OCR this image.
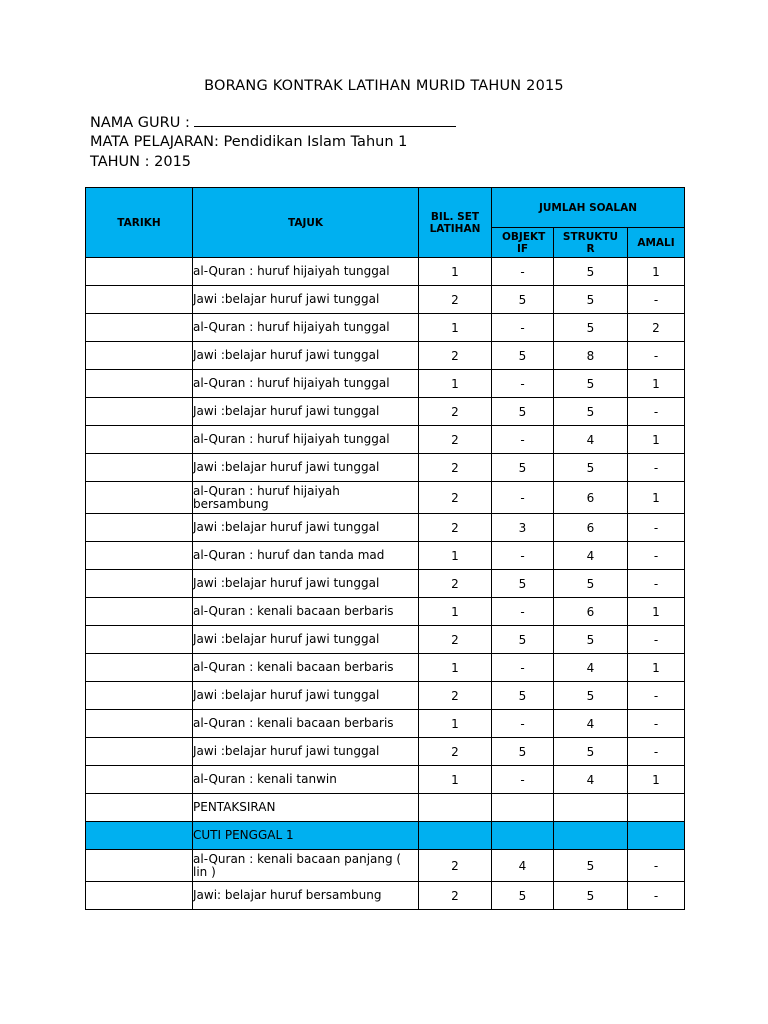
BORANG KONTRAK LATIHAN MURID TAHUN 2015
NAMA GURU :
MATA PELAJARAN: Pendidikan Islam Tahun 1
TAHUN : 2015
TARIKH	TAJUK	BIL. SET LATIHAN	JUMLAH SOALAN		
			OBJEKT IF	STRUKTU R	AMALI
	al-Quran : huruf hijaiyah tunggal	1	-	5	1
	Jawi :belajar huruf jawi tunggal	2	5	5	-
	al-Quran : huruf hijaiyah tunggal	1	-	5	2
	Jawi :belajar huruf jawi tunggal	2	5	8	-
	al-Quran : huruf hijaiyah tunggal	1	-	5	1
	Jawi :belajar huruf jawi tunggal	2	5	5	-
	al-Quran : huruf hijaiyah tunggal	2	-	4	1
	Jawi :belajar huruf jawi tunggal	2	5	5	-
	al-Quran : huruf hijaiyah bersambung	2	-	6	1
	Jawi :belajar huruf jawi tunggal	2	3	6	-
	al-Quran : huruf dan tanda mad	1	-	4	-
	Jawi :belajar huruf jawi tunggal	2	5	5	-
	al-Quran : kenali bacaan berbaris	1	-	6	1
	Jawi :belajar huruf jawi tunggal	2	5	5	-
	al-Quran : kenali bacaan berbaris	1	-	4	1
	Jawi :belajar huruf jawi tunggal	2	5	5	-
	al-Quran : kenali bacaan berbaris	1	-	4	-
	Jawi :belajar huruf jawi tunggal	2	5	5	-
	al-Quran : kenali tanwin	1	-	4	1
	PENTAKSIRAN				
	CUTI PENGGAL 1				
	al-Quran : kenali bacaan panjang ( lin )	2	4	5	-
	Jawi: belajar huruf bersambung	2	5	5	-
